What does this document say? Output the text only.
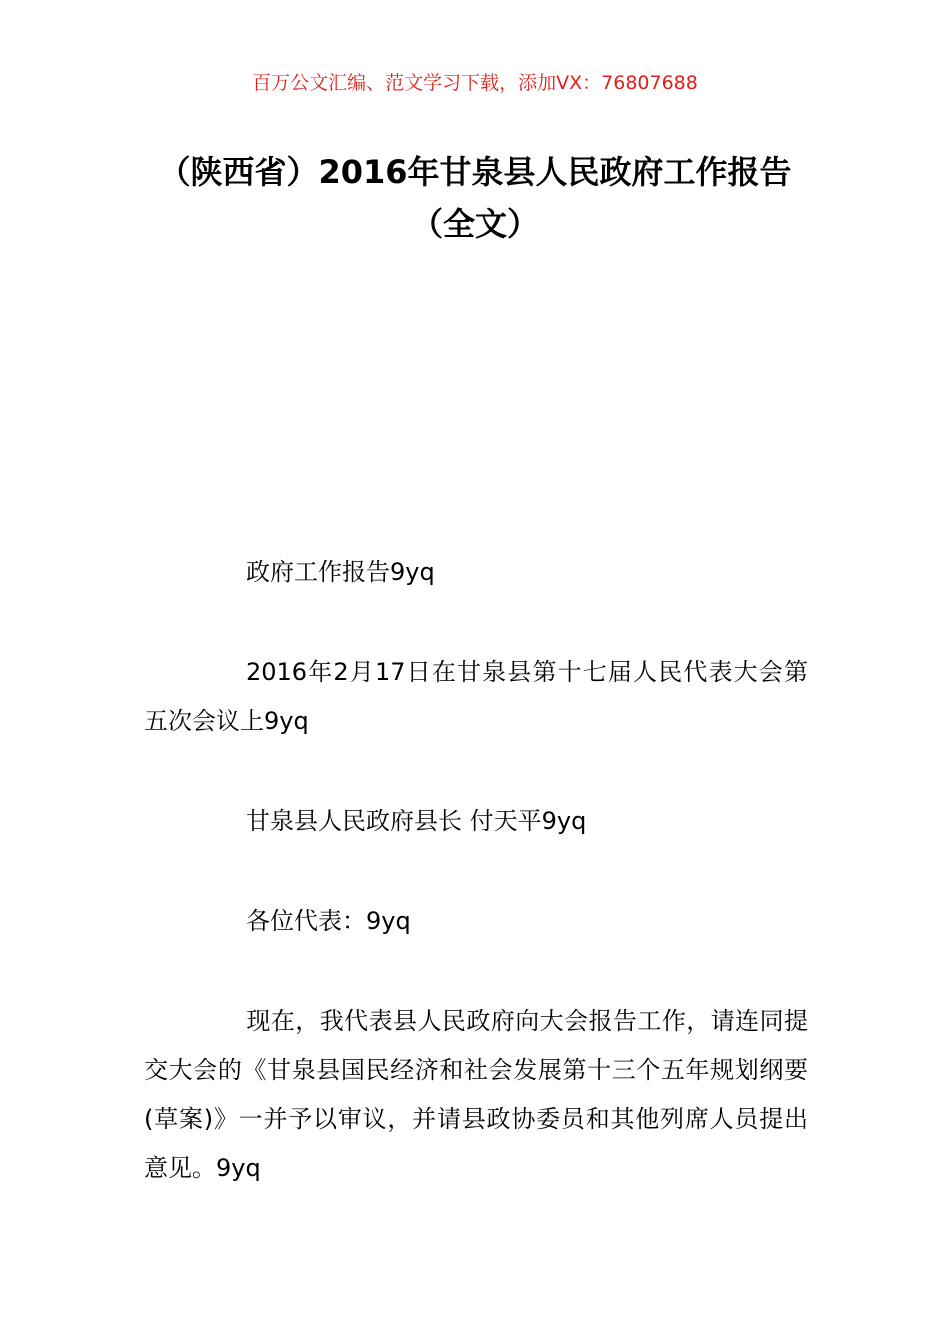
百万公文汇编、范文学习下载，添加VX：76807688
（陕西省）2016年甘泉县人民政府工作报告（全文）
政府工作报告9yq
2016年2月17日在甘泉县第十七届人民代表大会第五次会议上9yq
甘泉县人民政府县长 付天平9yq
各位代表：9yq
现在，我代表县人民政府向大会报告工作，请连同提交大会的《甘泉县国民经济和社会发展第十三个五年规划纲要(草案)》一并予以审议，并请县政协委员和其他列席人员提出意见。9yq
